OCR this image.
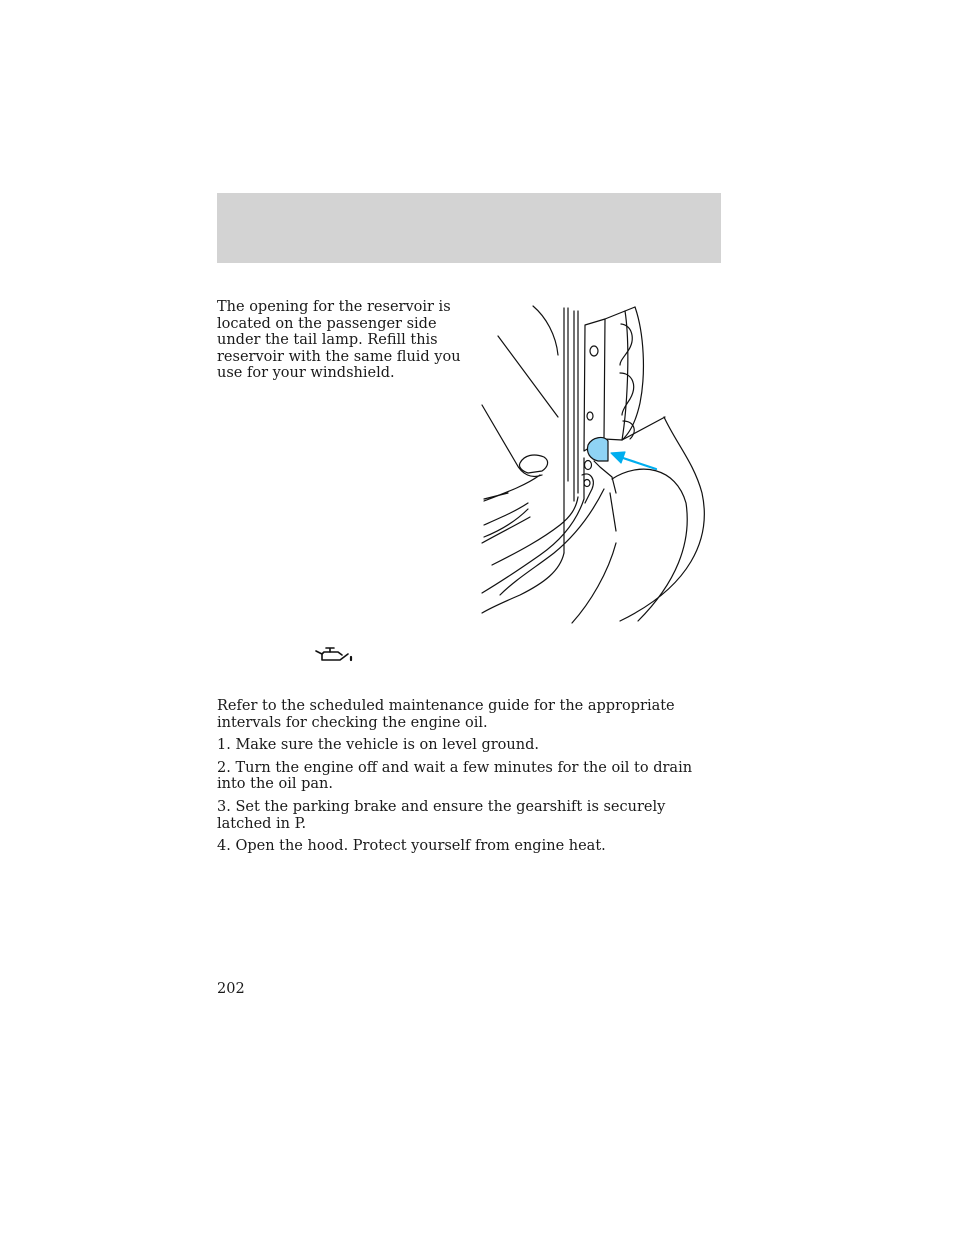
The opening for the reservoir is located on the passenger side under the tail lamp. Refill this reservoir with the same fluid you use for your windshield.

Refer to the scheduled maintenance guide for the appropriate intervals for checking the engine oil.

1. Make sure the vehicle is on level ground.

2. Turn the engine off and wait a few minutes for the oil to drain into the oil pan.

3. Set the parking brake and ensure the gearshift is securely latched in P.

4. Open the hood. Protect yourself from engine heat.

202
